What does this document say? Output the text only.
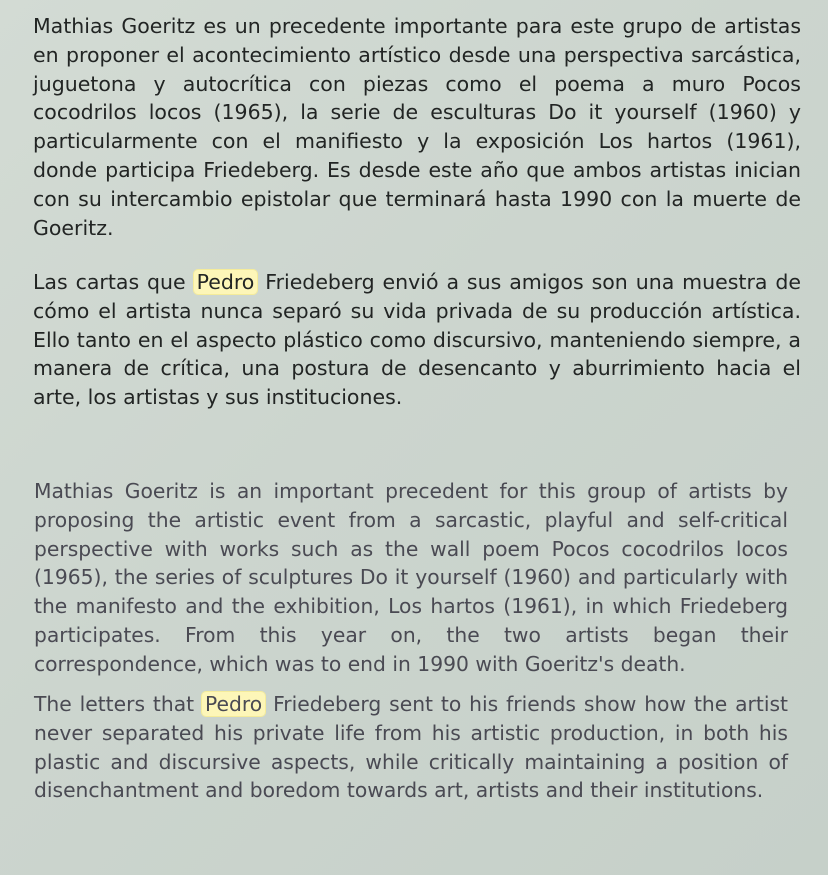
Mathias Goeritz es un precedente importante para este grupo de artistas en proponer el acontecimiento artístico desde una perspectiva sarcástica, juguetona y autocrítica con piezas como el poema a muro Pocos cocodrilos locos (1965), la serie de esculturas Do it yourself (1960) y particularmente con el manifiesto y la exposición Los hartos (1961), donde participa Friedeberg. Es desde este año que ambos artistas inician con su intercambio epistolar que terminará hasta 1990 con la muerte de Goeritz.

Las cartas que Pedro Friedeberg envió a sus amigos son una muestra de cómo el artista nunca separó su vida privada de su producción artística. Ello tanto en el aspecto plástico como discursivo, manteniendo siempre, a manera de crítica, una postura de desencanto y aburrimiento hacia el arte, los artistas y sus instituciones.

Mathias Goeritz is an important precedent for this group of artists by proposing the artistic event from a sarcastic, playful and self-critical perspective with works such as the wall poem Pocos cocodrilos locos (1965), the series of sculptures Do it yourself (1960) and particularly with the manifesto and the exhibition, Los hartos (1961), in which Friedeberg participates. From this year on, the two artists began their correspondence, which was to end in 1990 with Goeritz's death.

The letters that Pedro Friedeberg sent to his friends show how the artist never separated his private life from his artistic production, in both his plastic and discursive aspects, while critically maintaining a position of disenchantment and boredom towards art, artists and their institutions.
